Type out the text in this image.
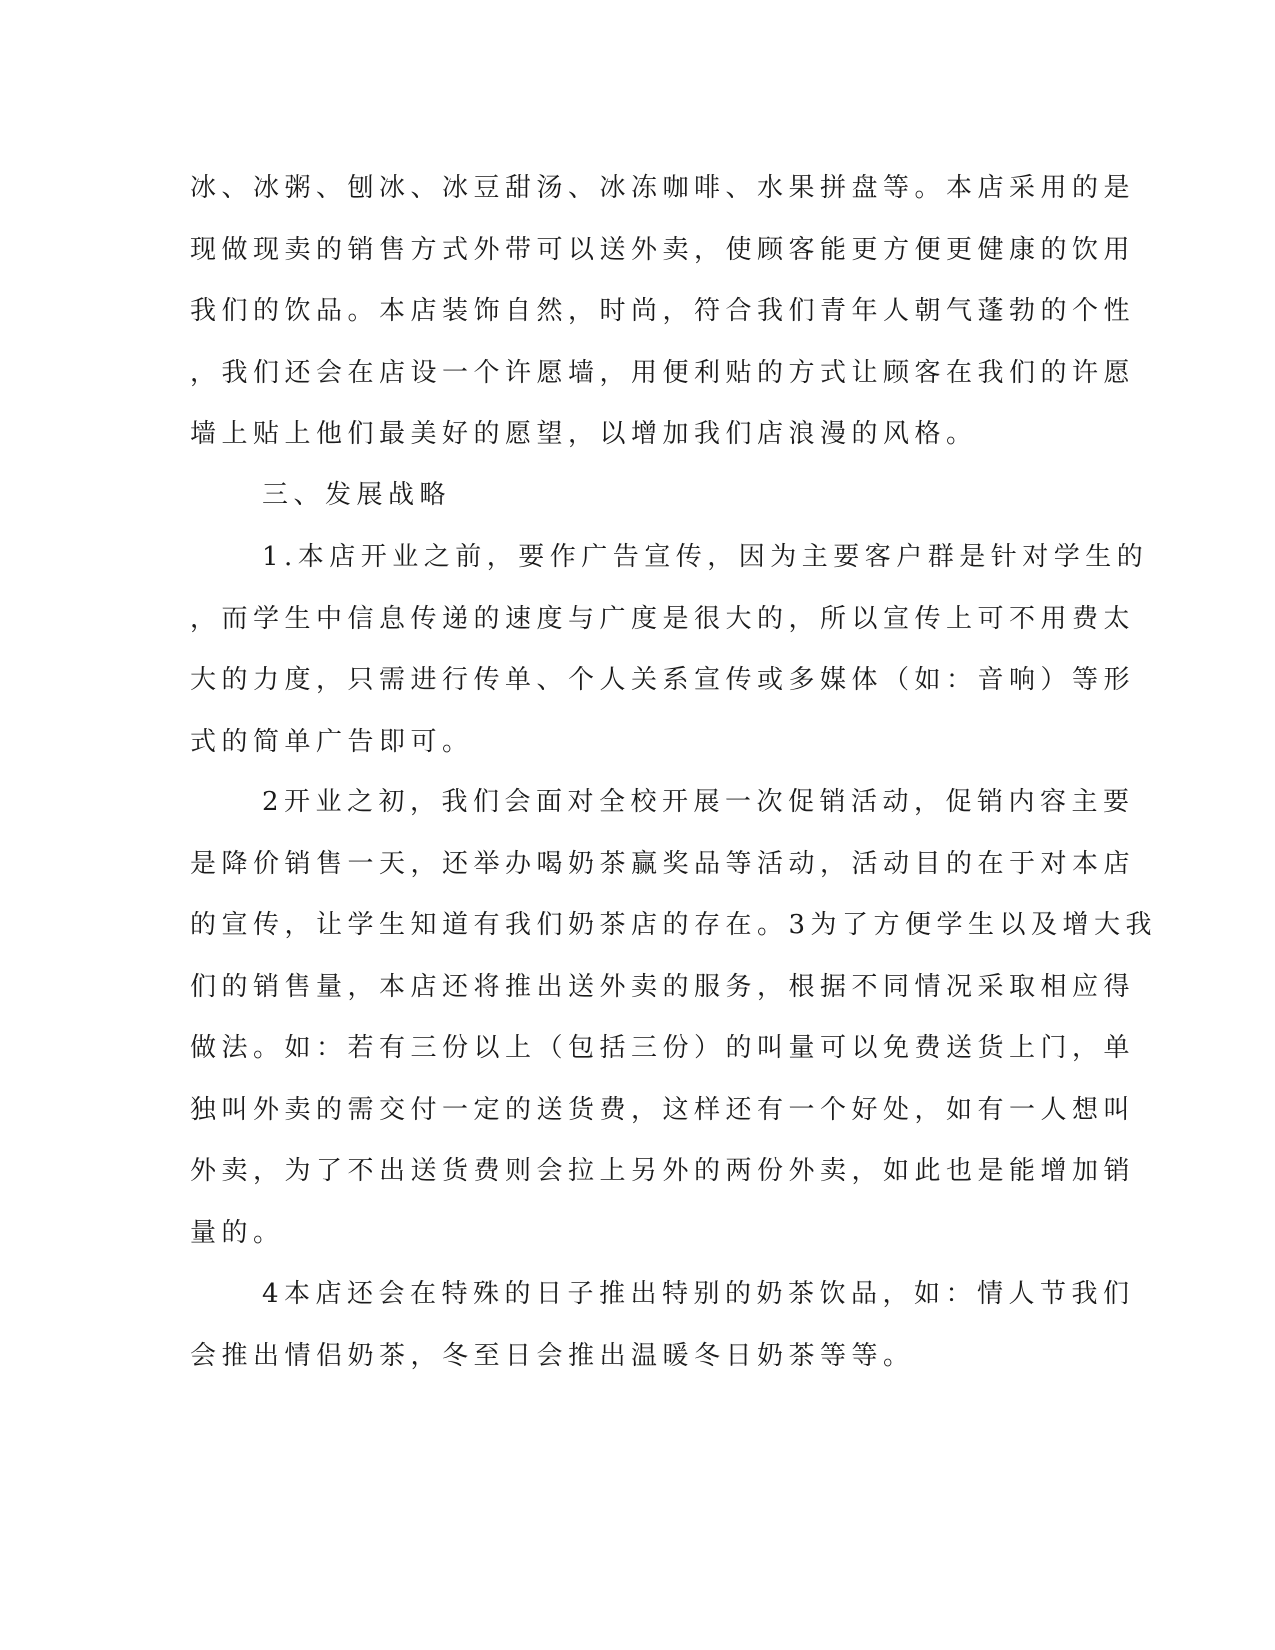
冰、冰粥、刨冰、冰豆甜汤、冰冻咖啡、水果拼盘等。本店采用的是
现做现卖的销售方式外带可以送外卖，使顾客能更方便更健康的饮用
我们的饮品。本店装饰自然，时尚，符合我们青年人朝气蓬勃的个性
，我们还会在店设一个许愿墙，用便利贴的方式让顾客在我们的许愿
墙上贴上他们最美好的愿望，以增加我们店浪漫的风格。
三、发展战略
1.本店开业之前，要作广告宣传，因为主要客户群是针对学生的
，而学生中信息传递的速度与广度是很大的，所以宣传上可不用费太
大的力度，只需进行传单、个人关系宣传或多媒体（如：音响）等形
式的简单广告即可。
2开业之初，我们会面对全校开展一次促销活动，促销内容主要
是降价销售一天，还举办喝奶茶赢奖品等活动，活动目的在于对本店
的宣传，让学生知道有我们奶茶店的存在。3为了方便学生以及增大我
们的销售量，本店还将推出送外卖的服务，根据不同情况采取相应得
做法。如：若有三份以上（包括三份）的叫量可以免费送货上门，单
独叫外卖的需交付一定的送货费，这样还有一个好处，如有一人想叫
外卖，为了不出送货费则会拉上另外的两份外卖，如此也是能增加销
量的。
4本店还会在特殊的日子推出特别的奶茶饮品，如：情人节我们
会推出情侣奶茶，冬至日会推出温暖冬日奶茶等等。
